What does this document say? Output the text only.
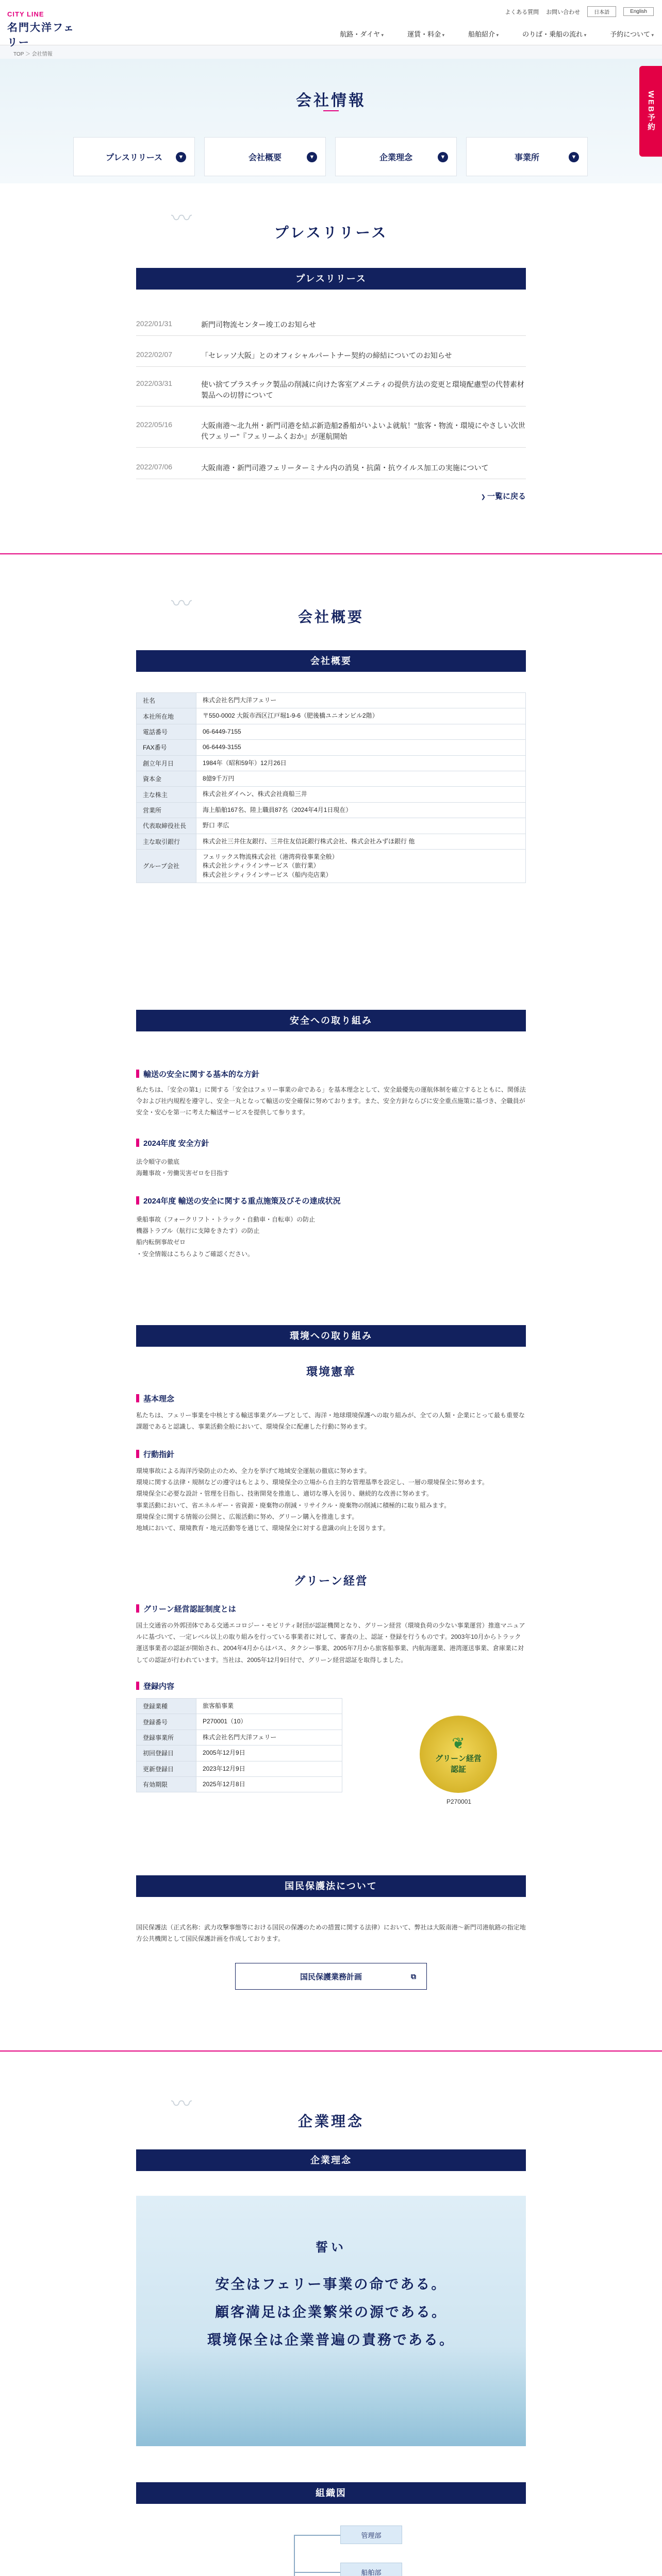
CITY LINE
名門大洋フェリー
よくある質問 お問い合わせ	日本語	English
航路・ダイヤ ▾	運賃・料金 ▾	船舶紹介 ▾	のりば・乗船の流れ ▾	予約について ▾
TOP ＞ 会社情報
会社情報
プレスリリース	▼	会社概要	▼	企業理念	▼	事業所	▼
WEB予約
〰
プレスリリース
プレスリリース
2022/01/31	新門司物流センター竣工のお知らせ
2022/02/07	「セレッソ大阪」とのオフィシャルパートナー契約の締結についてのお知らせ
2022/03/31	使い捨てプラスチック製品の削減に向けた客室アメニティの提供方法の変更と環境配慮型の代替素材製品への切替について
2022/05/16	大阪南港～北九州・新門司港を結ぶ新造船2番船がいよいよ就航！"旅客・物流・環境にやさしい次世代フェリー"『フェリーふくおか』が運航開始
2022/07/06	大阪南港・新門司港フェリーターミナル内の消臭・抗菌・抗ウイルス加工の実施について
❯ 一覧に戻る
〰
会社概要
会社概要
社名	株式会社名門大洋フェリー
本社所在地	〒550-0002 大阪市西区江戸堀1-9-6（肥後橋ユニオンビル2階）
電話番号	06-6449-7155
FAX番号	06-6449-3155
創立年月日	1984年（昭和59年）12月26日
資本金	8億9千万円
主な株主	株式会社ダイヘン、株式会社商船三井
営業所	海上船舶167名、陸上職員87名（2024年4月1日現在）
代表取締役社長	野口 孝広
主な取引銀行	株式会社三井住友銀行、三井住友信託銀行株式会社、株式会社みずほ銀行 他
グループ会社	フェリックス物流株式会社（港湾荷役事業全般）
株式会社シティラインサービス（旅行業）
株式会社シティラインサービス（船内売店業）
安全への取り組み
輸送の安全に関する基本的な方針
私たちは、「安全の第1」に関する「安全はフェリー事業の命である」を基本理念として、安全最優先の運航体制を確立するとともに、関係法令および社内規程を遵守し、安全一丸となって輸送の安全確保に努めております。また、安全方針ならびに安全重点施策に基づき、全職員が安全・安心を第一に考えた輸送サービスを提供して参ります。
2024年度 安全方針
法令順守の徹底
海難事故・労働災害ゼロを目指す
2024年度 輸送の安全に関する重点施策及びその達成状況
乗船事故（フォークリフト・トラック・自動車・自転車）の防止
機器トラブル（航行に支障をきたす）の防止
船内転倒事故ゼロ
・安全情報はこちらよりご確認ください。
環境への取り組み
環境憲章
基本理念
私たちは、フェリー事業を中核とする輸送事業グループとして、海洋・地球環境保護への取り組みが、全ての人類・企業にとって最も重要な課題であると認識し、事業活動全般において、環境保全に配慮した行動に努めます。
行動指針
環境事故による海洋汚染防止のため、全力を挙げて地域安全運航の徹底に努めます。
環境に関する法律・規制などの遵守はもとより、環境保全の立場から自主的な管理基準を設定し、一層の環境保全に努めます。
環境保全に必要な設計・管理を目指し、技術開発を推進し、適切な導入を図り、継続的な改善に努めます。
事業活動において、省エネルギー・省資源・廃棄物の削減・リサイクル・廃棄物の削減に積極的に取り組みます。
環境保全に関する情報の公開と、広報活動に努め、グリーン購入を推進します。
地域において、環境教育・地元活動等を通じて、環境保全に対する意識の向上を図ります。
グリーン経営
グリーン経営認証制度とは
国土交通省の外郭団体である交通エコロジー・モビリティ財団が認証機関となり、グリーン経営（環境負荷の少ない事業運営）推進マニュアルに基づいて、一定レベル以上の取り組みを行っている事業者に対して、審査の上、認証・登録を行うものです。2003年10月からトラック運送事業者の認証が開始され、2004年4月からはバス、タクシー事業、2005年7月から旅客船事業、内航海運業、港湾運送事業、倉庫業に対しての認証が行われています。当社は、2005年12月9日付で、グリーン経営認証を取得しました。
登録内容
登録業種	旅客船事業
登録番号	P270001（10）
登録事業所	株式会社名門大洋フェリー
初回登録日	2005年12月9日
更新登録日	2023年12月9日
有効期限	2025年12月8日
❦
グリーン経営
認証
P270001
国民保護法について
国民保護法（正式名称：武力攻撃事態等における国民の保護のための措置に関する法律）において、弊社は大阪南港～新門司港航路の指定地方公共機関として国民保護計画を作成しております。
国民保護業務計画	⧉
〰
企業理念
企業理念
誓い
安全はフェリー事業の命である。
顧客満足は企業繁栄の源である。
環境保全は企業普遍の責務である。
組織図
管理部
船舶部
